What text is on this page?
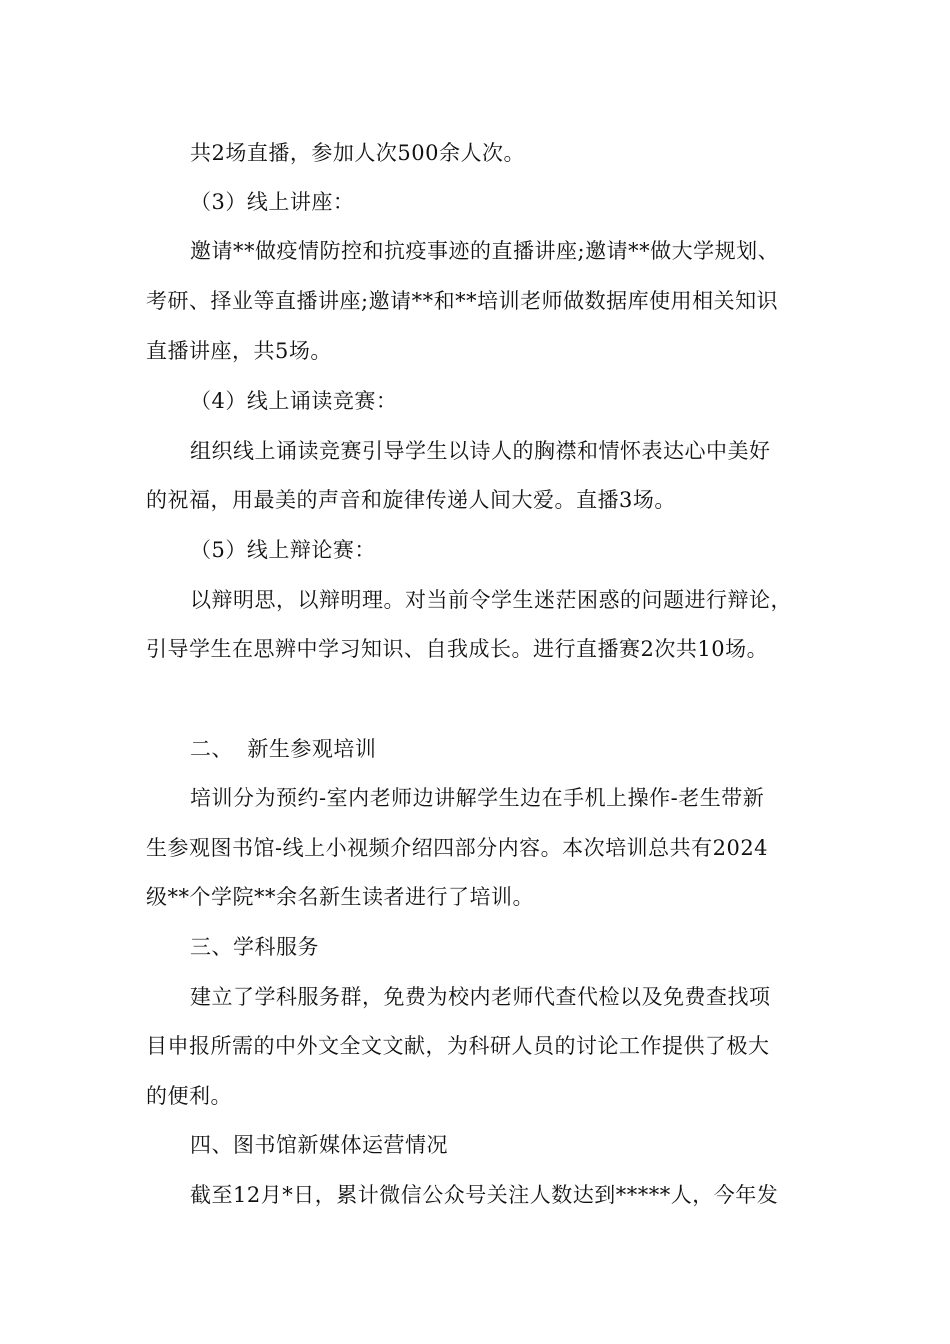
共2场直播，参加人次500余人次。
（3）线上讲座：
邀请**做疫情防控和抗疫事迹的直播讲座;邀请**做大学规划、
考研、择业等直播讲座;邀请**和**培训老师做数据库使用相关知识
直播讲座，共5场。
（4）线上诵读竞赛：
组织线上诵读竞赛引导学生以诗人的胸襟和情怀表达心中美好
的祝福，用最美的声音和旋律传递人间大爱。直播3场。
（5）线上辩论赛：
以辩明思，以辩明理。对当前令学生迷茫困惑的问题进行辩论，
引导学生在思辨中学习知识、自我成长。进行直播赛2次共10场。
二、  新生参观培训
培训分为预约-室内老师边讲解学生边在手机上操作-老生带新
生参观图书馆-线上小视频介绍四部分内容。本次培训总共有2024
级**个学院**余名新生读者进行了培训。
三、学科服务
建立了学科服务群，免费为校内老师代查代检以及免费查找项
目申报所需的中外文全文文献，为科研人员的讨论工作提供了极大
的便利。
四、图书馆新媒体运营情况
截至12月*日，累计微信公众号关注人数达到*****人，今年发
